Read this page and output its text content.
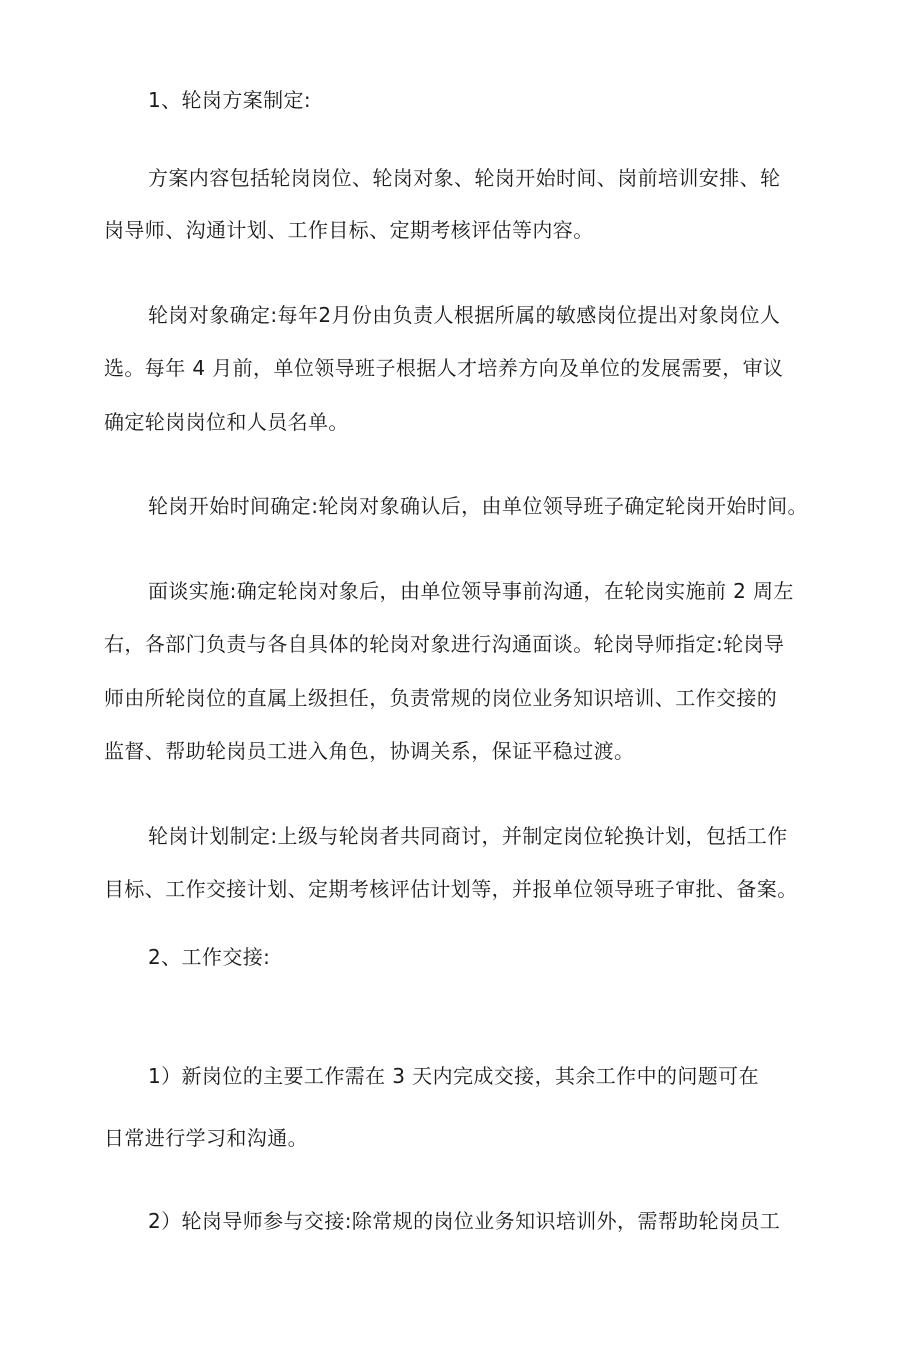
1、轮岗方案制定:
方案内容包括轮岗岗位、轮岗对象、轮岗开始时间、岗前培训安排、轮
岗导师、沟通计划、工作目标、定期考核评估等内容。
轮岗对象确定:每年2月份由负责人根据所属的敏感岗位提出对象岗位人
选。每年 4 月前，单位领导班子根据人才培养方向及单位的发展需要，审议
确定轮岗岗位和人员名单。
轮岗开始时间确定:轮岗对象确认后，由单位领导班子确定轮岗开始时间。
面谈实施:确定轮岗对象后，由单位领导事前沟通，在轮岗实施前 2 周左
右，各部门负责与各自具体的轮岗对象进行沟通面谈。轮岗导师指定:轮岗导
师由所轮岗位的直属上级担任，负责常规的岗位业务知识培训、工作交接的
监督、帮助轮岗员工进入角色，协调关系，保证平稳过渡。
轮岗计划制定:上级与轮岗者共同商讨，并制定岗位轮换计划，包括工作
目标、工作交接计划、定期考核评估计划等，并报单位领导班子审批、备案。
2、工作交接:
1）新岗位的主要工作需在 3 天内完成交接，其余工作中的问题可在
日常进行学习和沟通。
2）轮岗导师参与交接:除常规的岗位业务知识培训外，需帮助轮岗员工
